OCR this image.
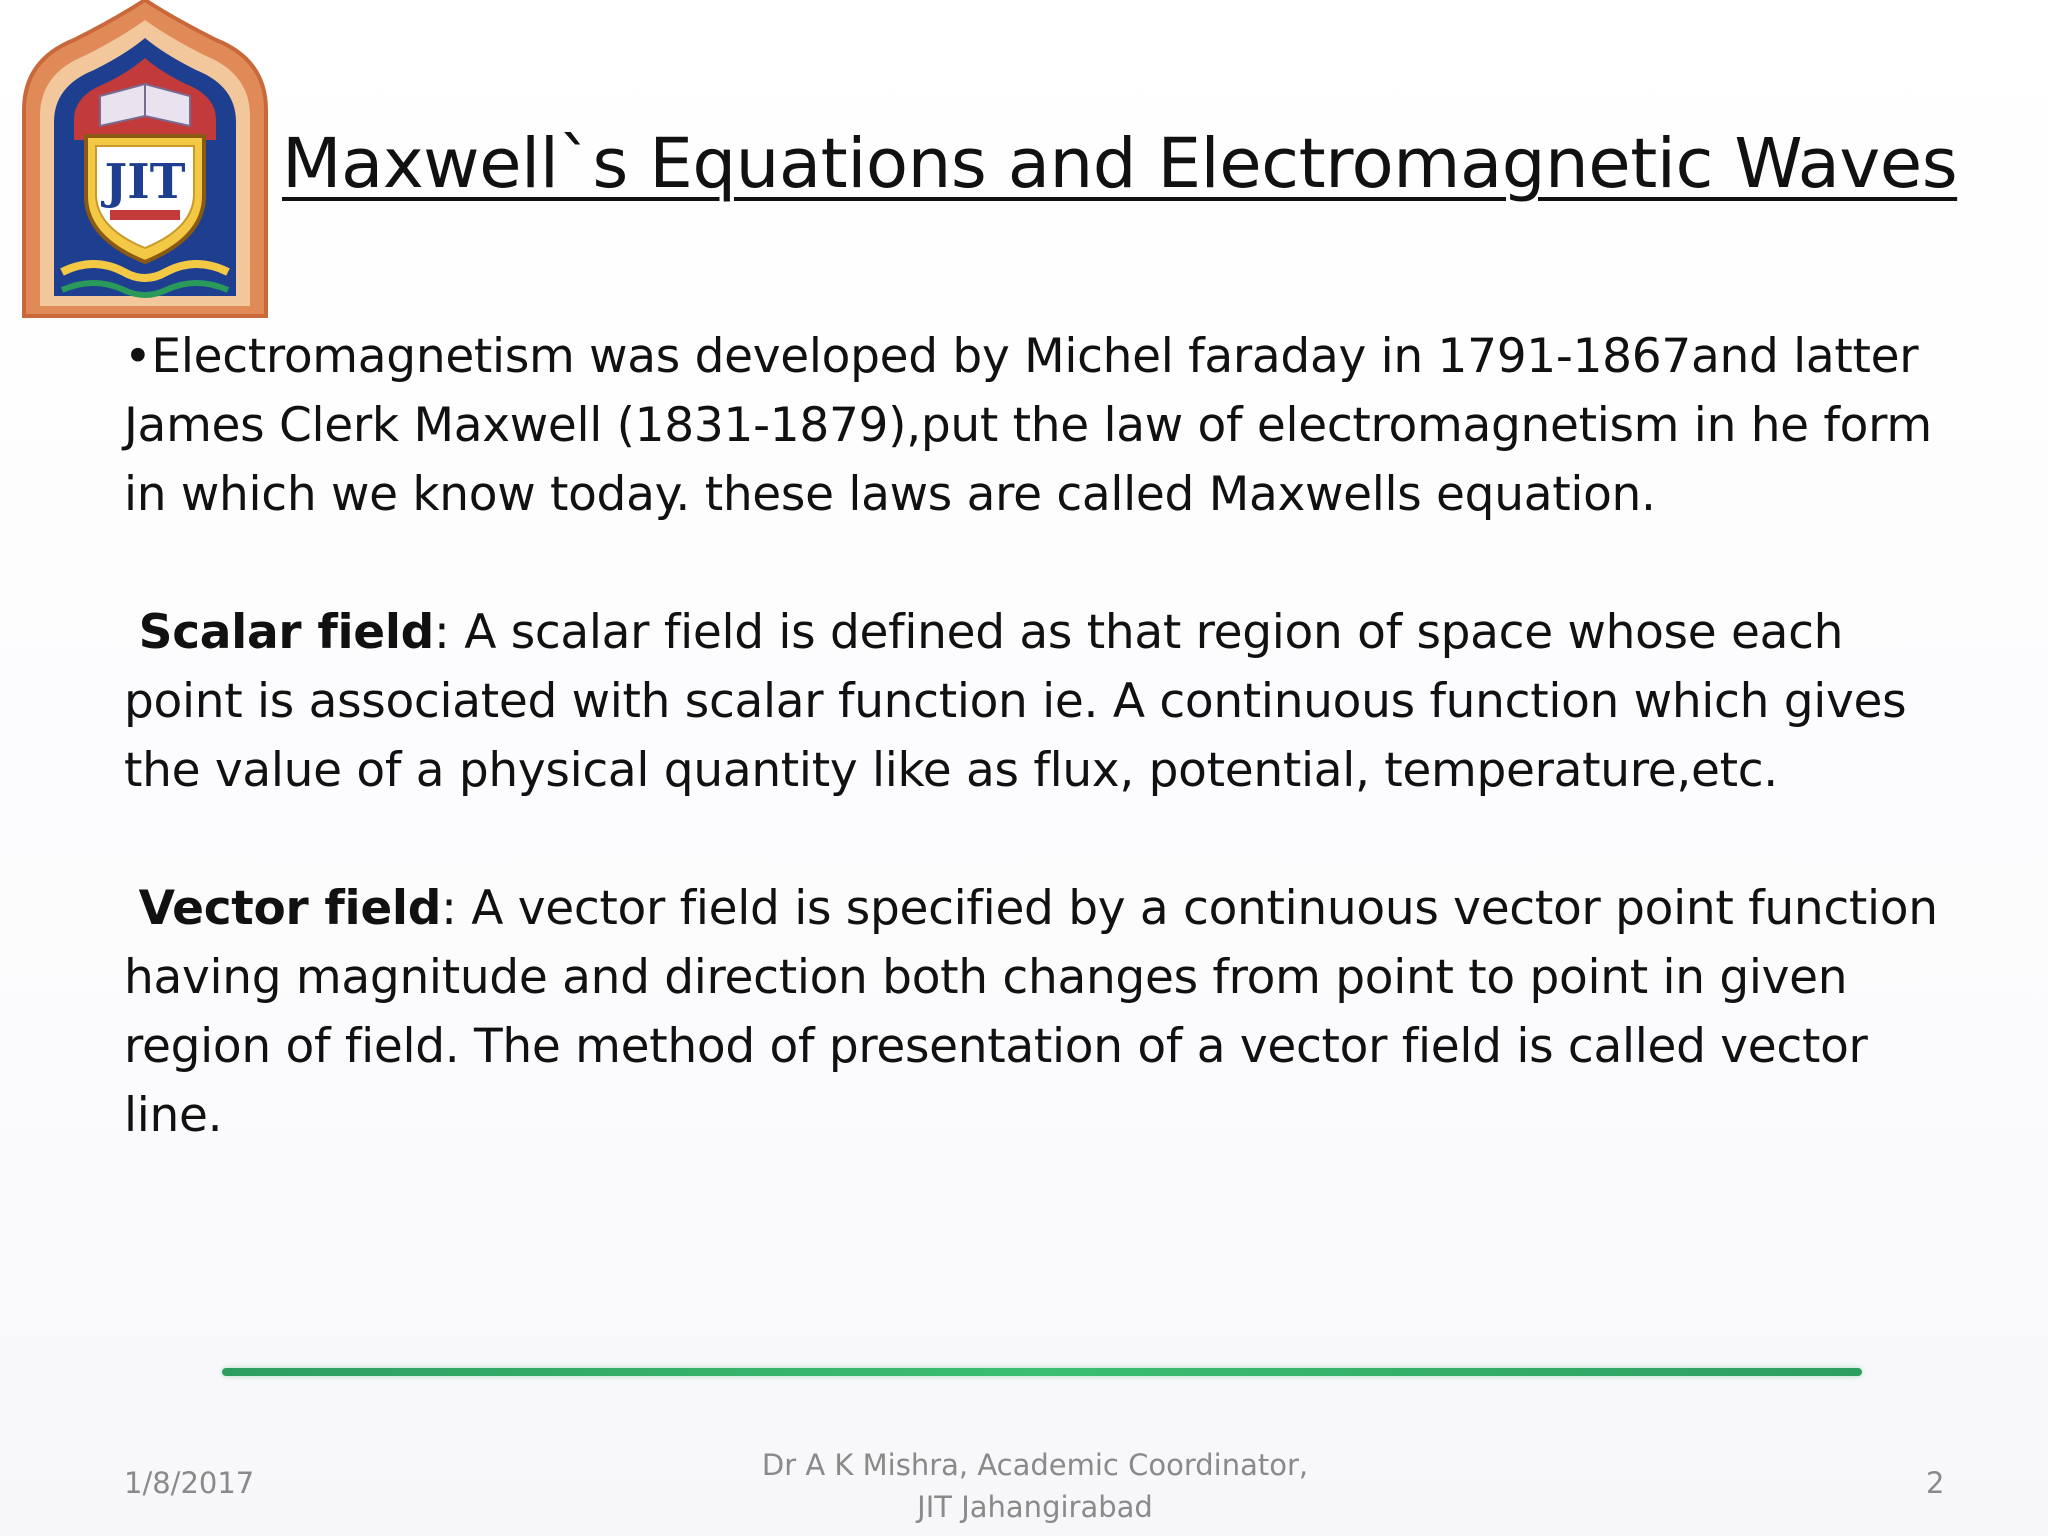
JIT Maxwell`s Equations and Electromagnetic Waves

•Electromagnetism was developed by Michel faraday in 1791-1867and latter James Clerk Maxwell (1831-1879),put the law of electromagnetism in he form in which we know today. these laws are called Maxwells equation.

Scalar field: A scalar field is defined as that region of space whose each point is associated with scalar function ie. A continuous function which gives the value of a physical quantity like as flux, potential, temperature,etc.

Vector field: A vector field is specified by a continuous vector point function having magnitude and direction both changes from point to point in given region of field. The method of presentation of a vector field is called vector line.

1/8/2017
Dr A K Mishra, Academic Coordinator,
JIT Jahangirabad
2
